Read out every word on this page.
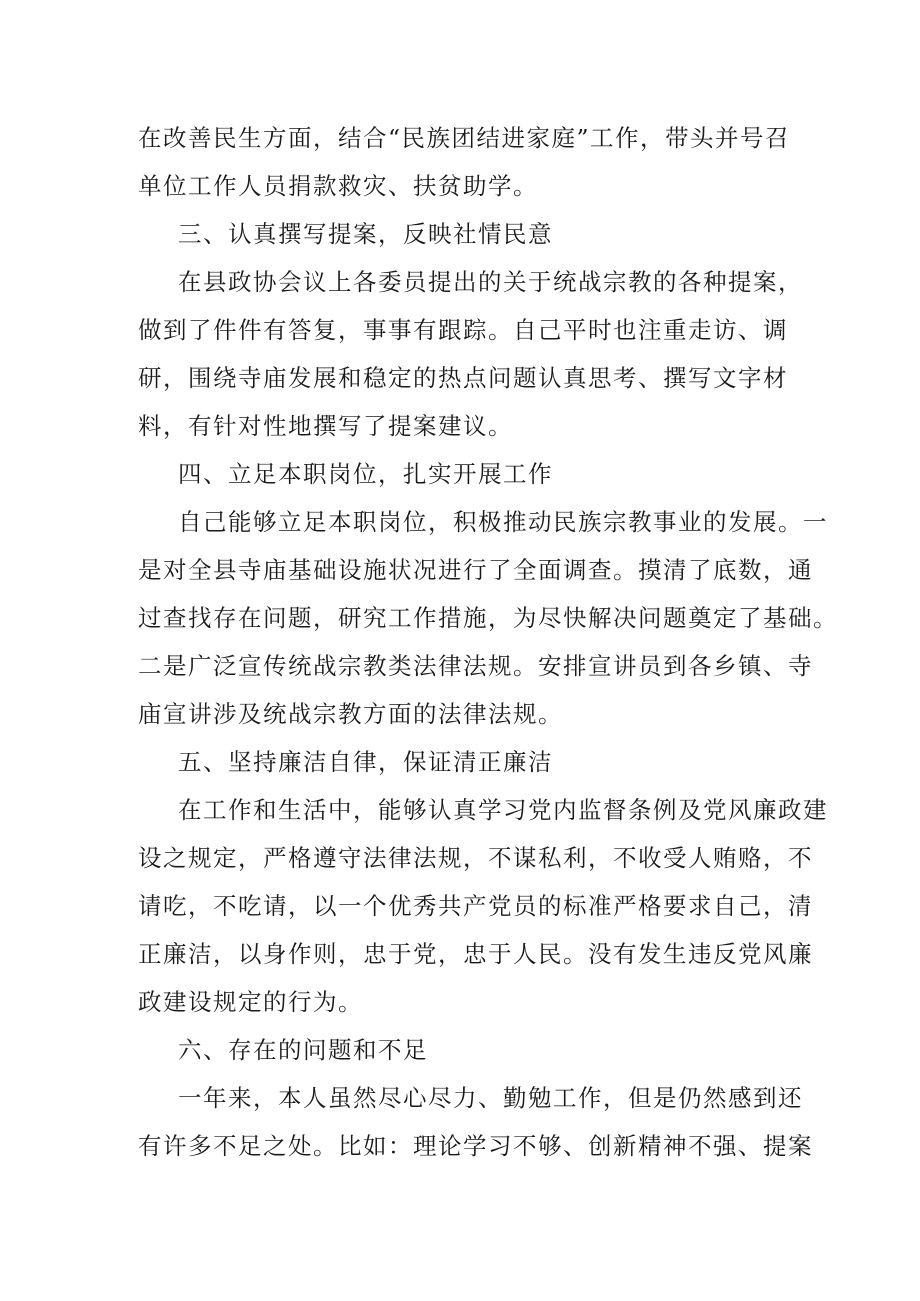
在改善民生方面，结合“民族团结进家庭”工作，带头并号召
单位工作人员捐款救灾、扶贫助学。
三、认真撰写提案，反映社情民意
在县政协会议上各委员提出的关于统战宗教的各种提案，
做到了件件有答复，事事有跟踪。自己平时也注重走访、调
研，围绕寺庙发展和稳定的热点问题认真思考、撰写文字材
料，有针对性地撰写了提案建议。
四、立足本职岗位，扎实开展工作
自己能够立足本职岗位，积极推动民族宗教事业的发展。一
是对全县寺庙基础设施状况进行了全面调查。摸清了底数，通
过查找存在问题，研究工作措施，为尽快解决问题奠定了基础。
二是广泛宣传统战宗教类法律法规。安排宣讲员到各乡镇、寺
庙宣讲涉及统战宗教方面的法律法规。
五、坚持廉洁自律，保证清正廉洁
在工作和生活中，能够认真学习党内监督条例及党风廉政建
设之规定，严格遵守法律法规，不谋私利，不收受人贿赂，不
请吃，不吃请，以一个优秀共产党员的标准严格要求自己，清
正廉洁，以身作则，忠于党，忠于人民。没有发生违反党风廉
政建设规定的行为。
六、存在的问题和不足
一年来，本人虽然尽心尽力、勤勉工作，但是仍然感到还
有许多不足之处。比如：理论学习不够、创新精神不强、提案
